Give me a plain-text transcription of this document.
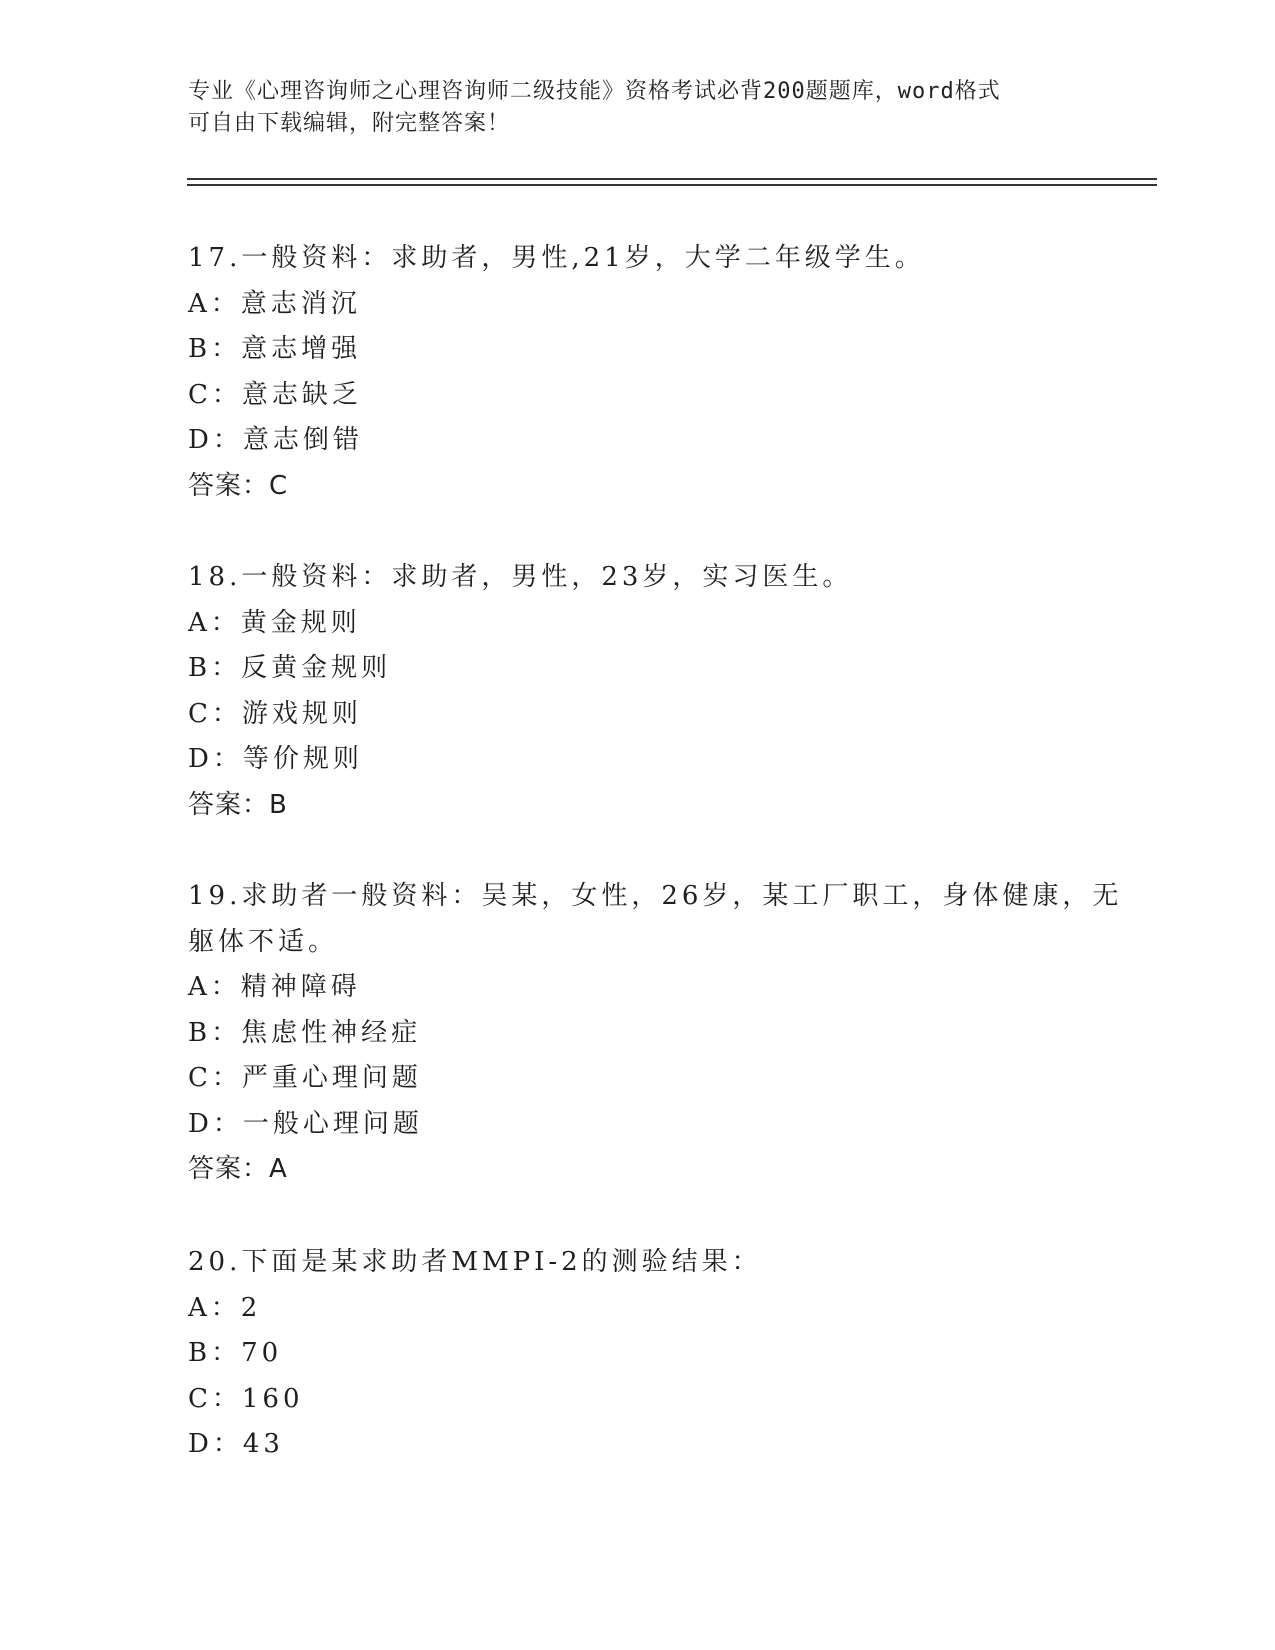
专业《心理咨询师之心理咨询师二级技能》资格考试必背200题题库，word格式
可自由下载编辑，附完整答案！
17.一般资料：求助者，男性,21岁，大学二年级学生。
A：意志消沉
B：意志增强
C：意志缺乏
D：意志倒错
答案：C
18.一般资料：求助者，男性，23岁，实习医生。
A：黄金规则
B：反黄金规则
C：游戏规则
D：等价规则
答案：B
19.求助者一般资料：吴某，女性，26岁，某工厂职工，身体健康，无
躯体不适。
A：精神障碍
B：焦虑性神经症
C：严重心理问题
D：一般心理问题
答案：A
20.下面是某求助者MMPI-2的测验结果：
A：2
B：70
C：160
D：43
